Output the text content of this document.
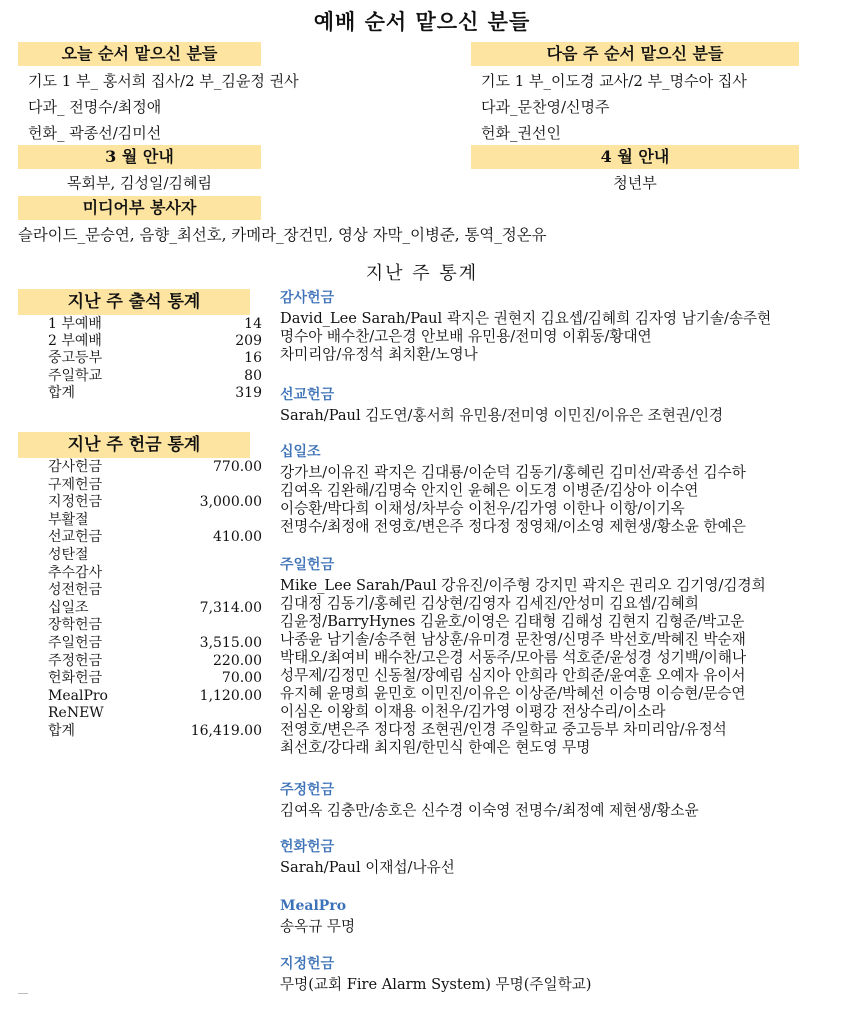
예배 순서 맡으신 분들
오늘 순서 맡으신 분들
기도 1 부_ 홍서희 집사/2 부_김윤정 권사
다과_ 전명수/최정애
헌화_ 곽종선/김미선
다음 주 순서 맡으신 분들
기도 1 부_이도경 교사/2 부_명수아 집사
다과_문찬영/신명주
헌화_권선인
3 월 안내
목회부, 김성일/김혜림
4 월 안내
청년부
미디어부 봉사자
슬라이드_문승연, 음향_최선호, 카메라_장건민, 영상 자막_이병준, 통역_정온유
지난 주 통계
지난 주 출석 통계
1 부예배	14
2 부예배	209
중고등부	16
주일학교	80
합계	319
지난 주 헌금 통계
감사헌금	770.00
구제헌금
지정헌금	3,000.00
부활절
선교헌금	410.00
성탄절
추수감사
성전헌금
십일조	7,314.00
장학헌금
주일헌금	3,515.00
주정헌금	220.00
헌화헌금	70.00
MealPro	1,120.00
ReNEW
합계	16,419.00
감사헌금
David_Lee Sarah/Paul 곽지은 권현지 김요셉/김혜희 김자영 남기솔/송주현
명수아 배수찬/고은경 안보배 유민용/전미영 이휘동/황대연
차미리암/유정석 최치환/노영나
선교헌금
Sarah/Paul 김도연/홍서희 유민용/전미영 이민진/이유은 조현권/인경
십일조
강가브/이유진 곽지은 김대룡/이순덕 김동기/홍혜린 김미선/곽종선 김수하
김여옥 김완해/김명숙 안지인 윤혜은 이도경 이병준/김상아 이수연
이승환/박다희 이채성/차부승 이천우/김가영 이한나 이항/이기옥
전명수/최정애 전영호/변은주 정다정 정영채/이소영 제현생/황소윤 한예은
주일헌금
Mike_Lee Sarah/Paul 강유진/이주형 강지민 곽지은 권리오 김기영/김경희
김대정 김동기/홍혜린 김상현/김영자 김세진/안성미 김요셉/김혜희
김윤정/BarryHynes 김윤호/이영은 김태형 김해성 김현지 김형준/박고운
나종윤 남기솔/송주현 남상훈/유미경 문찬영/신명주 박선호/박혜진 박순재
박태오/최여비 배수찬/고은경 서동주/모아름 석호준/윤성경 성기백/이해나
성무제/김정민 신동철/장예림 심지아 안희라 안희준/윤여훈 오예자 유이서
유지혜 윤명희 윤민호 이민진/이유은 이상준/박혜선 이승명 이승현/문승연
이심온 이왕희 이재용 이천우/김가영 이평강 전상수리/이소라
전영호/변은주 정다정 조현권/인경 주일학교 중고등부 차미리암/유정석
최선호/강다래 최지원/한민식 한예은 현도영 무명
주정헌금
김여옥 김충만/송호은 신수경 이숙영 전명수/최정예 제현생/황소윤
헌화헌금
Sarah/Paul 이재섭/나유선
MealPro
송옥규 무명
지정헌금
무명(교회 Fire Alarm System) 무명(주일학교)
